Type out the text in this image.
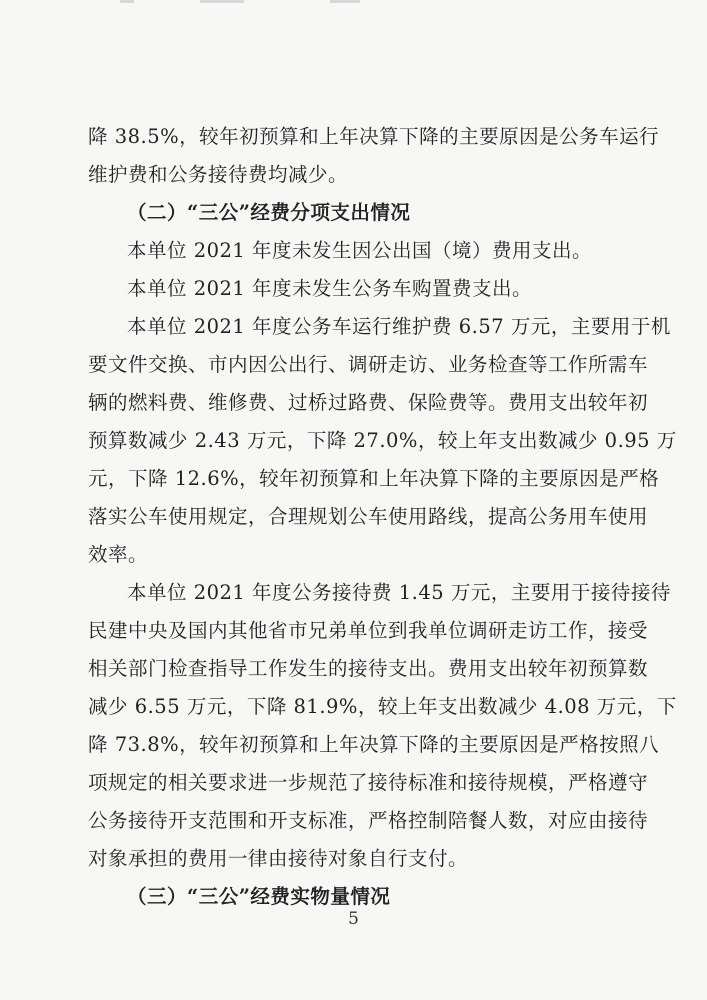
降 38.5%，较年初预算和上年决算下降的主要原因是公务车运行
维护费和公务接待费均减少。
（二）“三公”经费分项支出情况
本单位 2021 年度未发生因公出国（境）费用支出。
本单位 2021 年度未发生公务车购置费支出。
本单位 2021 年度公务车运行维护费 6.57 万元，主要用于机
要文件交换、市内因公出行、调研走访、业务检查等工作所需车
辆的燃料费、维修费、过桥过路费、保险费等。费用支出较年初
预算数减少 2.43 万元，下降 27.0%，较上年支出数减少 0.95 万
元，下降 12.6%，较年初预算和上年决算下降的主要原因是严格
落实公车使用规定，合理规划公车使用路线，提高公务用车使用
效率。
本单位 2021 年度公务接待费 1.45 万元，主要用于接待接待
民建中央及国内其他省市兄弟单位到我单位调研走访工作，接受
相关部门检查指导工作发生的接待支出。费用支出较年初预算数
减少 6.55 万元，下降 81.9%，较上年支出数减少 4.08 万元，下
降 73.8%，较年初预算和上年决算下降的主要原因是严格按照八
项规定的相关要求进一步规范了接待标准和接待规模，严格遵守
公务接待开支范围和开支标准，严格控制陪餐人数，对应由接待
对象承担的费用一律由接待对象自行支付。
（三）“三公”经费实物量情况
5
